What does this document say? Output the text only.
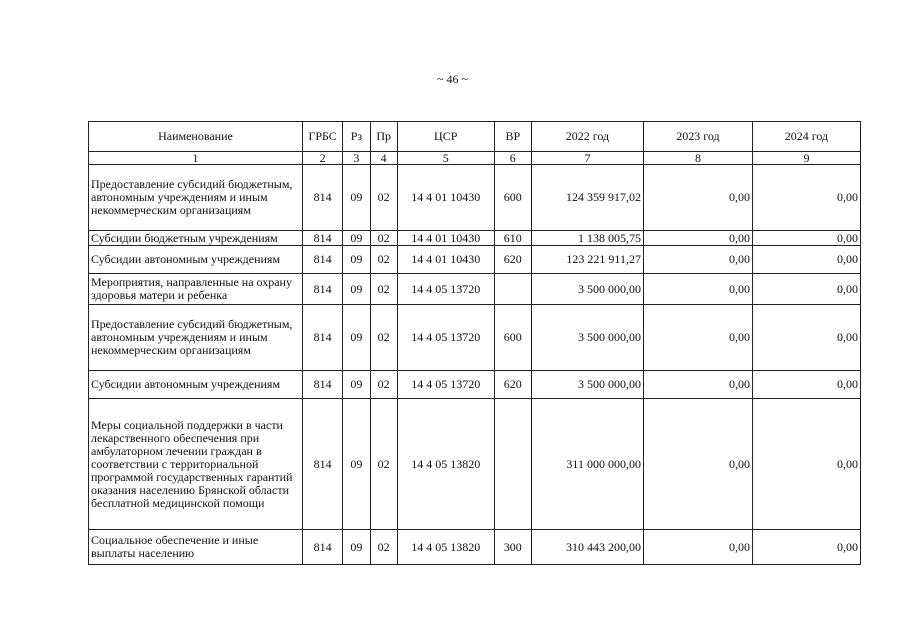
~ 46 ~
Наименование	ГРБС	Рз	Пр	ЦСР	ВР	2022 год	2023 год	2024 год
1	2	3	4	5	6	7	8	9
Предоставление субсидий бюджетным, автономным учреждениям и иным некоммерческим организациям	814	09	02	14 4 01 10430	600	124 359 917,02	0,00	0,00
Субсидии бюджетным учреждениям	814	09	02	14 4 01 10430	610	1 138 005,75	0,00	0,00
Субсидии автономным учреждениям	814	09	02	14 4 01 10430	620	123 221 911,27	0,00	0,00
Мероприятия, направленные на охрану здоровья матери и ребенка	814	09	02	14 4 05 13720		3 500 000,00	0,00	0,00
Предоставление субсидий бюджетным, автономным учреждениям и иным некоммерческим организациям	814	09	02	14 4 05 13720	600	3 500 000,00	0,00	0,00
Субсидии автономным учреждениям	814	09	02	14 4 05 13720	620	3 500 000,00	0,00	0,00
Меры социальной поддержки в части лекарственного обеспечения при амбулаторном лечении граждан в соответствии с территориальной программой государственных гарантий оказания населению Брянской области бесплатной медицинской помощи	814	09	02	14 4 05 13820		311 000 000,00	0,00	0,00
Социальное обеспечение и иные выплаты населению	814	09	02	14 4 05 13820	300	310 443 200,00	0,00	0,00
